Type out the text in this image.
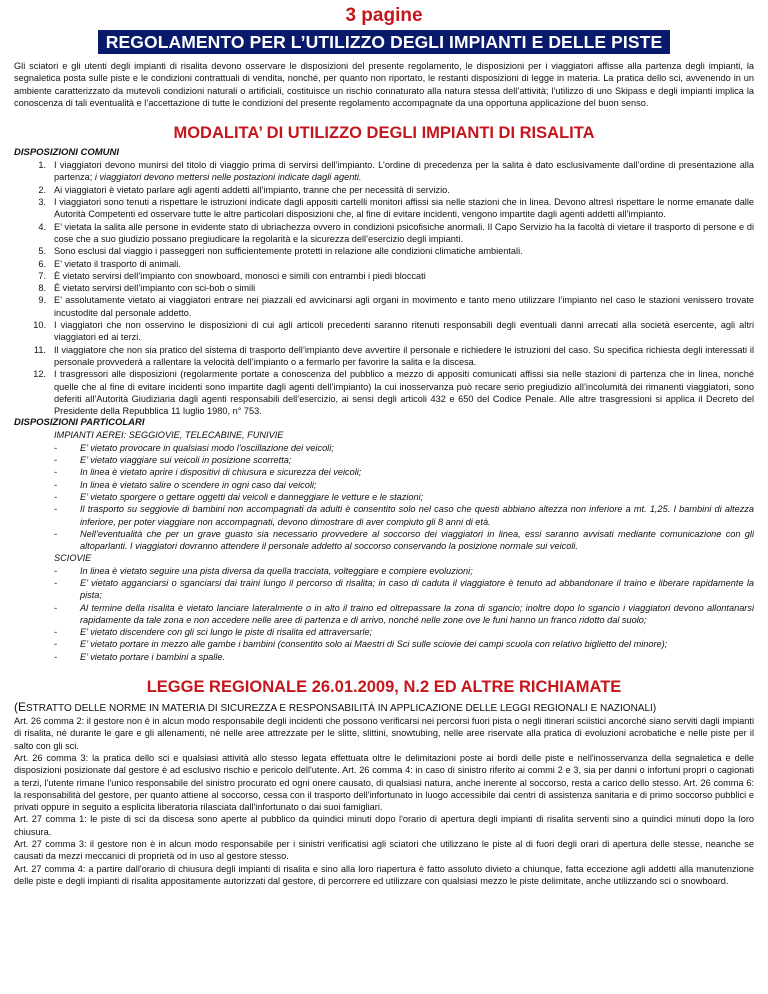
3 pagine

REGOLAMENTO PER L’UTILIZZO DEGLI IMPIANTI E DELLE PISTE

Gli sciatori e gli utenti degli impianti di risalita devono osservare le disposizioni del presente regolamento, le disposizioni per i viaggiatori affisse alla partenza degli impianti, la segnaletica posta sulle piste e le condizioni contrattuali di vendita, nonché, per quanto non riportato, le restanti disposizioni di legge in materia. La pratica dello sci, avvenendo in un ambiente caratterizzato da mutevoli condizioni naturali o artificiali, costituisce un rischio connaturato alla natura stessa dell’attività; l’utilizzo di uno Skipass e degli impianti implica la conoscenza di tali eventualità e l’accettazione di tutte le condizioni del presente regolamento accompagnate da una opportuna applicazione del buon senso.

MODALITA’ DI UTILIZZO DEGLI IMPIANTI DI RISALITA

DISPOSIZIONI COMUNI

1. I viaggiatori devono munirsi del titolo di viaggio prima di servirsi dell’impianto. L’ordine di precedenza per la salita è dato esclusivamente dall’ordine di presentazione alla partenza; i viaggiatori devono mettersi nelle postazioni indicate dagli agenti.
2. Ai viaggiatori è vietato parlare agli agenti addetti all’impianto, tranne che per necessità di servizio.
3. I viaggiatori sono tenuti a rispettare le istruzioni indicate dagli appositi cartelli monitori affissi sia nelle stazioni che in linea. Devono altresì rispettare le norme emanate dalle Autorità Competenti ed osservare tutte le altre particolari disposizioni che, al fine di evitare incidenti, vengono impartite dagli agenti addetti all’impianto.
4. E’ vietata la salita alle persone in evidente stato di ubriachezza ovvero in condizioni psicofisiche anormali. Il Capo Servizio ha la facoltà di vietare il trasporto di persone e di cose che a suo giudizio possano pregiudicare la regolarità e la sicurezza dell’esercizio degli impianti.
5. Sono esclusi dal viaggio i passeggeri non sufficientemente protetti in relazione alle condizioni climatiche ambientali.
6. E’ vietato il trasporto di animali.
7. È vietato servirsi dell’impianto con snowboard, monosci e simili con entrambi i piedi bloccati
8. È vietato servirsi dell’impianto con sci-bob o simili
9. E’ assolutamente vietato ai viaggiatori entrare nei piazzali ed avvicinarsi agli organi in movimento e tanto meno utilizzare l’impianto nel caso le stazioni venissero trovate incustodite dal personale addetto.
10. I viaggiatori che non osservino le disposizioni di cui agli articoli precedenti saranno ritenuti responsabili degli eventuali danni arrecati alla società esercente, agli altri viaggiatori ed ai terzi.
11. Il viaggiatore che non sia pratico del sistema di trasporto dell’impianto deve avvertire il personale e richiedere le istruzioni del caso. Su specifica richiesta degli interessati il personale provvederà a rallentare la velocità dell’impianto o a fermarlo per favorire la salita e la discesa.
12. I trasgressori alle disposizioni (regolarmente portate a conoscenza del pubblico a mezzo di appositi comunicati affissi sia nelle stazioni di partenza che in linea, nonché quelle che al fine di evitare incidenti sono impartite dagli agenti dell’impianto) la cui inosservanza può recare serio pregiudizio all’incolumità dei rimanenti viaggiatori, sono deferiti all’Autorità Giudiziaria dagli agenti responsabili dell’esercizio, ai sensi degli articoli 432 e 650 del Codice Penale. Alle altre trasgressioni si applica il Decreto del Presidente della Repubblica 11 luglio 1980, n° 753.

DISPOSIZIONI PARTICOLARI

IMPIANTI AEREI: SEGGIOVIE, TELECABINE, FUNIVIE

-	E’ vietato provocare in qualsiasi modo l’oscillazione dei veicoli;
-	E’ vietato viaggiare sui veicoli in posizione scorretta;
-	In linea è vietato aprire i dispositivi di chiusura e sicurezza dei veicoli;
-	In linea è vietato salire o scendere in ogni caso dai veicoli;
-	E’ vietato sporgere o gettare oggetti dai veicoli e danneggiare le vetture e le stazioni;
-	Il trasporto su seggiovie di bambini non accompagnati da adulti è consentito solo nel caso che questi abbiano altezza non inferiore a mt. 1,25. I bambini di altezza inferiore, per poter viaggiare non accompagnati, devono dimostrare di aver compiuto gli 8 anni di età.
-	Nell’eventualità che per un grave guasto sia necessario provvedere al soccorso dei viaggiatori in linea, essi saranno avvisati mediante comunicazione con gli altoparlanti. I viaggiatori dovranno attendere il personale addetto al soccorso conservando la posizione normale sui veicoli.

SCIOVIE

-	In linea è vietato seguire una pista diversa da quella tracciata, volteggiare e compiere evoluzioni;
-	E’ vietato agganciarsi o sganciarsi dai traini lungo il percorso di risalita; in caso di caduta il viaggiatore è tenuto ad abbandonare il traino e liberare rapidamente la pista;
-	Al termine della risalita è vietato lanciare lateralmente o in alto il traino ed oltrepassare la zona di sgancio; inoltre dopo lo sgancio i viaggiatori devono allontanarsi rapidamente da tale zona e non accedere nelle aree di partenza e di arrivo, nonché nelle zone ove le funi hanno un franco ridotto dal suolo;
-	E’ vietato discendere con gli sci lungo le piste di risalita ed attraversarle;
-	E’ vietato portare in mezzo alle gambe i bambini (consentito solo ai Maestri di Sci sulle sciovie dei campi scuola con relativo biglietto del minore);
-	E’ vietato portare i bambini a spalle.
LEGGE REGIONALE 26.01.2009, N.2 ED ALTRE RICHIAMATE

(ESTRATTO DELLE NORME IN MATERIA DI SICUREZZA E RESPONSABILITÀ IN APPLICAZIONE DELLE LEGGI REGIONALI E NAZIONALI)

Art. 26 comma 2: il gestore non è in alcun modo responsabile degli incidenti che possono verificarsi nei percorsi fuori pista o negli itinerari sciistici ancorché siano serviti dagli impianti di risalita, né durante le gare e gli allenamenti, né nelle aree attrezzate per le slitte, slittini, snowtubing, nelle aree riservate alla pratica di evoluzioni acrobatiche e nelle piste per il salto con gli sci.

Art. 26 comma 3: la pratica dello sci e qualsiasi attività allo stesso legata effettuata oltre le delimitazioni poste ai bordi delle piste e nell'inosservanza della segnaletica e delle disposizioni posizionate dal gestore è ad esclusivo rischio e pericolo dell'utente. Art. 26 comma 4: in caso di sinistro riferito ai commi 2 e 3, sia per danni o infortuni propri o cagionati a terzi, l'utente rimane l'unico responsabile del sinistro procurato ed ogni onere causato, di qualsiasi natura, anche inerente al soccorso, resta a carico dello stesso. Art. 26 comma 6: la responsabilità del gestore, per quanto attiene al soccorso, cessa con il trasporto dell'infortunato in luogo accessibile dai centri di assistenza sanitaria e di primo soccorso pubblici e privati oppure in seguito a esplicita liberatoria rilasciata dall'infortunato o dai suoi famigliari.

Art. 27 comma 1: le piste di sci da discesa sono aperte al pubblico da quindici minuti dopo l'orario di apertura degli impianti di risalita serventi sino a quindici minuti dopo la loro chiusura.

Art. 27 comma 3: il gestore non è in alcun modo responsabile per i sinistri verificatisi agli sciatori che utilizzano le piste al di fuori degli orari di apertura delle stesse, neanche se causati da mezzi meccanici di proprietà od in uso al gestore stesso.

Art. 27 comma 4: a partire dall'orario di chiusura degli impianti di risalita e sino alla loro riapertura è fatto assoluto divieto a chiunque, fatta eccezione agli addetti alla manutenzione delle piste e degli impianti di risalita appositamente autorizzati dal gestore, di percorrere ed utilizzare con qualsiasi mezzo le piste delimitate, anche utilizzando sci o snowboard.
